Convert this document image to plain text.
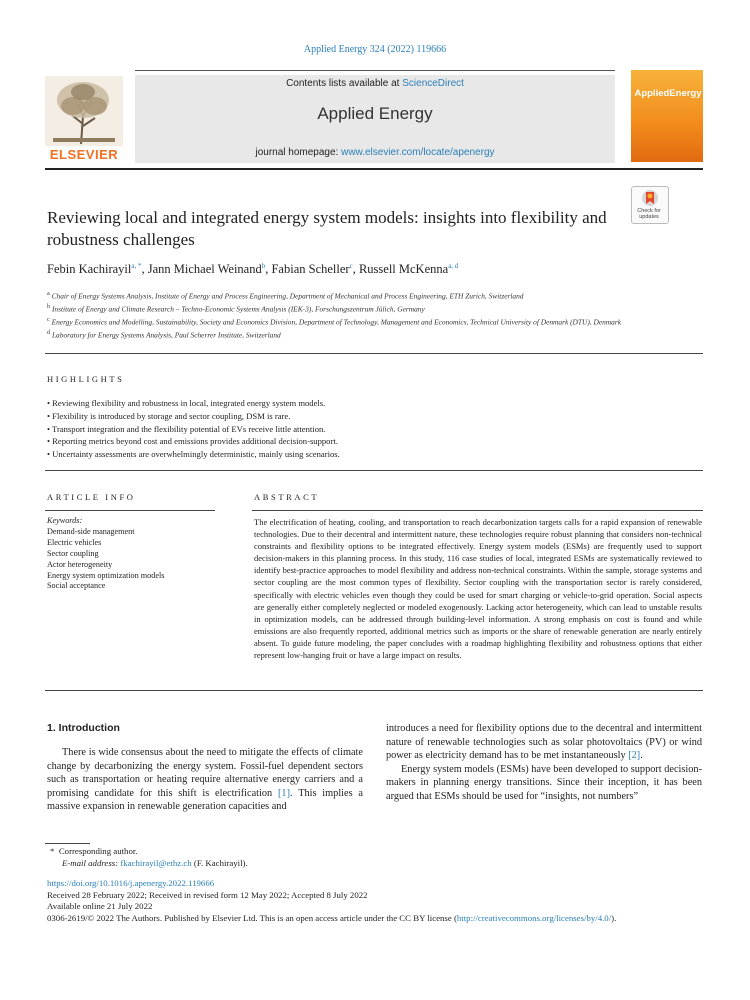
Applied Energy 324 (2022) 119666
Contents lists available at ScienceDirect
Applied Energy
journal homepage: www.elsevier.com/locate/apenergy
ELSEVIER
AppliedEnergy
Check for updates
Reviewing local and integrated energy system models: insights into flexibility and robustness challenges
Febin Kachirayil$^{a, *}$, Jann Michael Weinand$^b$, Fabian Scheller$^c$, Russell McKenna$^{a, d}$
$^a$ Chair of Energy Systems Analysis, Institute of Energy and Process Engineering, Department of Mechanical and Process Engineering, ETH Zurich, Switzerland
$^b$ Institute of Energy and Climate Research – Techno-Economic Systems Analysis (IEK-3), Forschungszentrum Jülich, Germany
$^c$ Energy Economics and Modelling, Sustainability, Society and Economics Division, Department of Technology, Management and Economics, Technical University of Denmark (DTU), Denmark
$^d$ Laboratory for Energy Systems Analysis, Paul Scherrer Institute, Switzerland
HIGHLIGHTS
• Reviewing flexibility and robustness in local, integrated energy system models.
• Flexibility is introduced by storage and sector coupling, DSM is rare.
• Transport integration and the flexibility potential of EVs receive little attention.
• Reporting metrics beyond cost and emissions provides additional decision-support.
• Uncertainty assessments are overwhelmingly deterministic, mainly using scenarios.
ARTICLE INFO	ABSTRACT
Keywords:
Demand-side management
Electric vehicles
Sector coupling
Actor heterogeneity
Energy system optimization models
Social acceptance
The electrification of heating, cooling, and transportation to reach decarbonization targets calls for a rapid expansion of renewable technologies. Due to their decentral and intermittent nature, these technologies require robust planning that considers non-technical constraints and flexibility options to be integrated effectively. Energy system models (ESMs) are frequently used to support decision-makers in this planning process. In this study, 116 case studies of local, integrated ESMs are systematically reviewed to identify best-practice approaches to model flexibility and address non-technical constraints. Within the sample, storage systems and sector coupling are the most common types of flexibility. Sector coupling with the transportation sector is rarely considered, specifically with electric vehicles even though they could be used for smart charging or vehicle-to-grid operation. Social aspects are generally either completely neglected or modeled exogenously. Lacking actor heterogeneity, which can lead to unstable results in optimization models, can be addressed through building-level information. A strong emphasis on cost is found and while emissions are also frequently reported, additional metrics such as imports or the share of renewable generation are nearly entirely absent. To guide future modeling, the paper concludes with a roadmap highlighting flexibility and robustness options that either represent low-hanging fruit or have a large impact on results.
1. Introduction

There is wide consensus about the need to mitigate the effects of climate change by decarbonizing the energy system. Fossil-fuel dependent sectors such as transportation or heating require alternative energy carriers and a promising candidate for this shift is electrification [1]. This implies a massive expansion in renewable generation capacities and

introduces a need for flexibility options due to the decentral and intermittent nature of renewable technologies such as solar photovoltaics (PV) or wind power as electricity demand has to be met instantaneously [2].

Energy system models (ESMs) have been developed to support decision-makers in planning energy transitions. Since their inception, it has been argued that ESMs should be used for “insights, not numbers”

* Corresponding author.
E-mail address: fkachirayil@ethz.ch (F. Kachirayil).
https://doi.org/10.1016/j.apenergy.2022.119666
Received 28 February 2022; Received in revised form 12 May 2022; Accepted 8 July 2022
Available online 21 July 2022
0306-2619/© 2022 The Authors. Published by Elsevier Ltd. This is an open access article under the CC BY license (http://creativecommons.org/licenses/by/4.0/).
